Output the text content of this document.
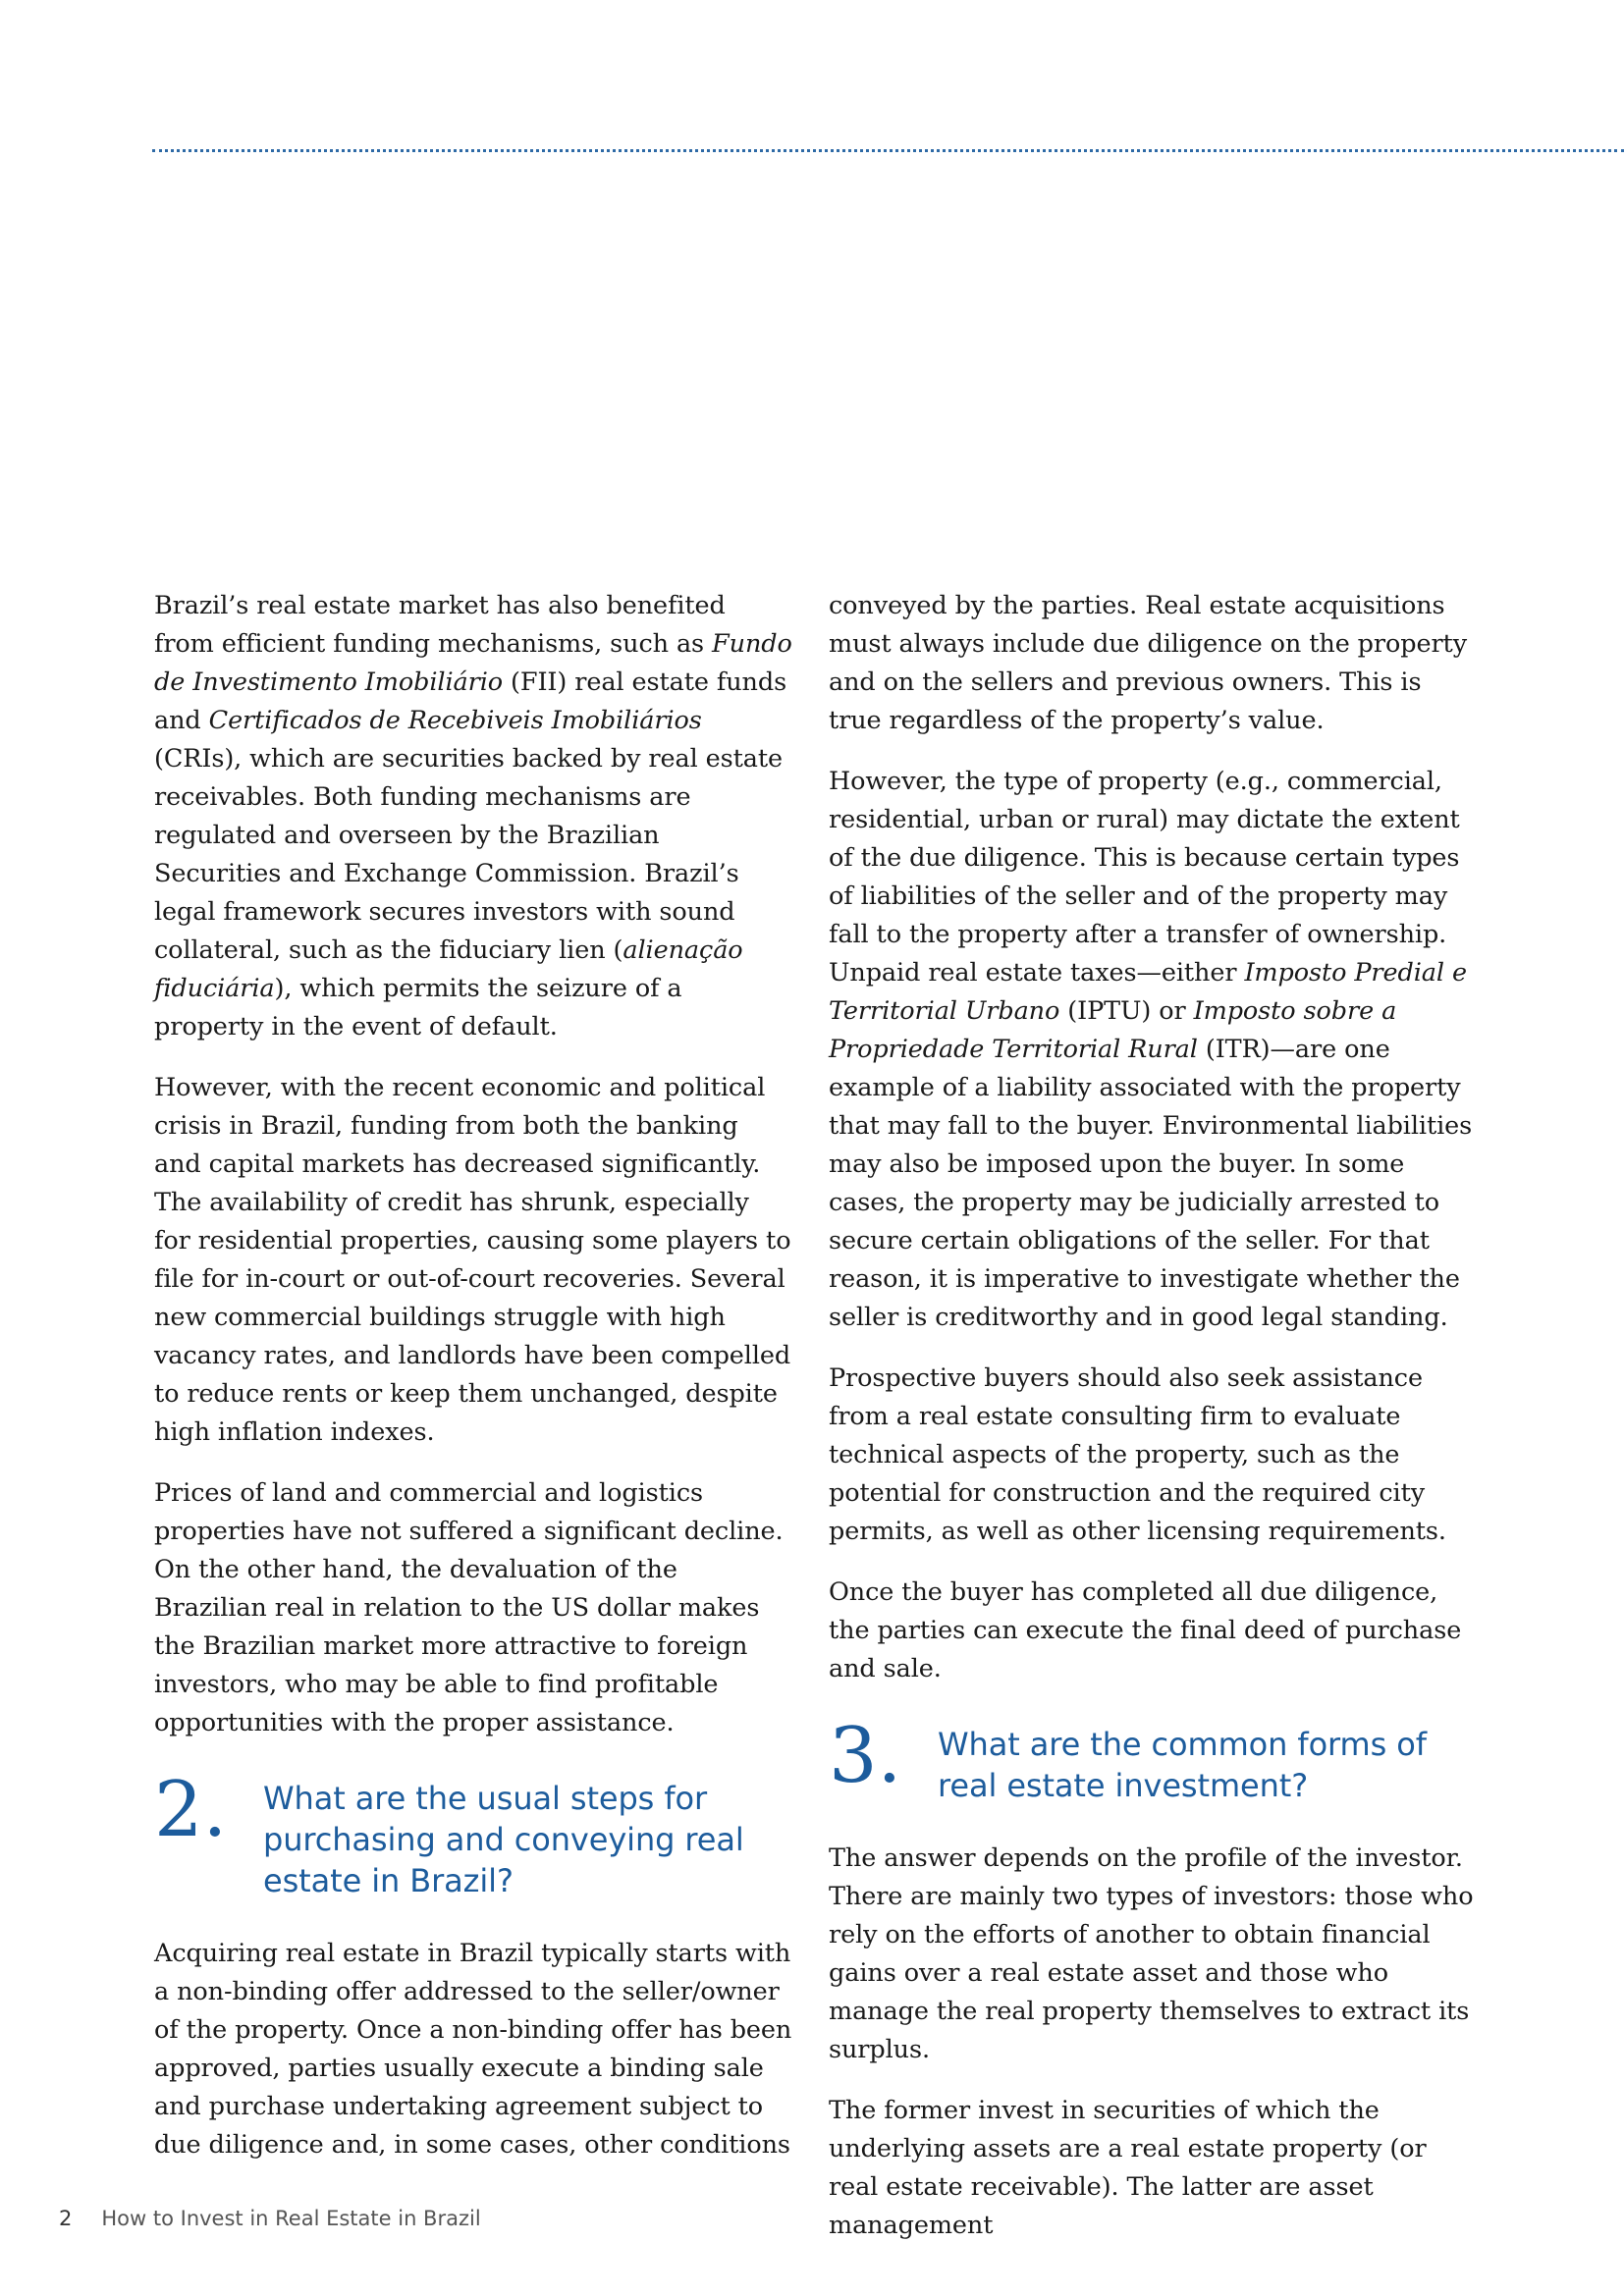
Brazil’s real estate market has also benefited from efficient funding mechanisms, such as Fundo de Investimento Imobiliário (FII) real estate funds and Certificados de Recebiveis Imobiliários (CRIs), which are securities backed by real estate receivables. Both funding mechanisms are regulated and overseen by the Brazilian Securities and Exchange Commission. Brazil’s legal framework secures investors with sound collateral, such as the fiduciary lien (alienação fiduciária), which permits the seizure of a property in the event of default.

However, with the recent economic and political crisis in Brazil, funding from both the banking and capital markets has decreased significantly. The availability of credit has shrunk, especially for residential properties, causing some players to file for in-court or out-of-court recoveries. Several new commercial buildings struggle with high vacancy rates, and landlords have been compelled to reduce rents or keep them unchanged, despite high inflation indexes.

Prices of land and commercial and logistics properties have not suffered a significant decline. On the other hand, the devaluation of the Brazilian real in relation to the US dollar makes the Brazilian market more attractive to foreign investors, who may be able to find profitable opportunities with the proper assistance.

2. What are the usual steps for purchasing and conveying real estate in Brazil?

Acquiring real estate in Brazil typically starts with a non-binding offer addressed to the seller/owner of the property. Once a non-binding offer has been approved, parties usually execute a binding sale and purchase undertaking agreement subject to due diligence and, in some cases, other conditions

conveyed by the parties. Real estate acquisitions must always include due diligence on the property and on the sellers and previous owners. This is true regardless of the property’s value.

However, the type of property (e.g., commercial, residential, urban or rural) may dictate the extent of the due diligence. This is because certain types of liabilities of the seller and of the property may fall to the property after a transfer of ownership. Unpaid real estate taxes—either Imposto Predial e Territorial Urbano (IPTU) or Imposto sobre a Propriedade Territorial Rural (ITR)—are one example of a liability associated with the property that may fall to the buyer. Environmental liabilities may also be imposed upon the buyer. In some cases, the property may be judicially arrested to secure certain obligations of the seller. For that reason, it is imperative to investigate whether the seller is creditworthy and in good legal standing.

Prospective buyers should also seek assistance from a real estate consulting firm to evaluate technical aspects of the property, such as the potential for construction and the required city permits, as well as other licensing requirements.

Once the buyer has completed all due diligence, the parties can execute the final deed of purchase and sale.

3. What are the common forms of real estate investment?

The answer depends on the profile of the investor. There are mainly two types of investors: those who rely on the efforts of another to obtain financial gains over a real estate asset and those who manage the real property themselves to extract its surplus.

The former invest in securities of which the underlying assets are a real estate property (or real estate receivable). The latter are asset management

2 How to Invest in Real Estate in Brazil
